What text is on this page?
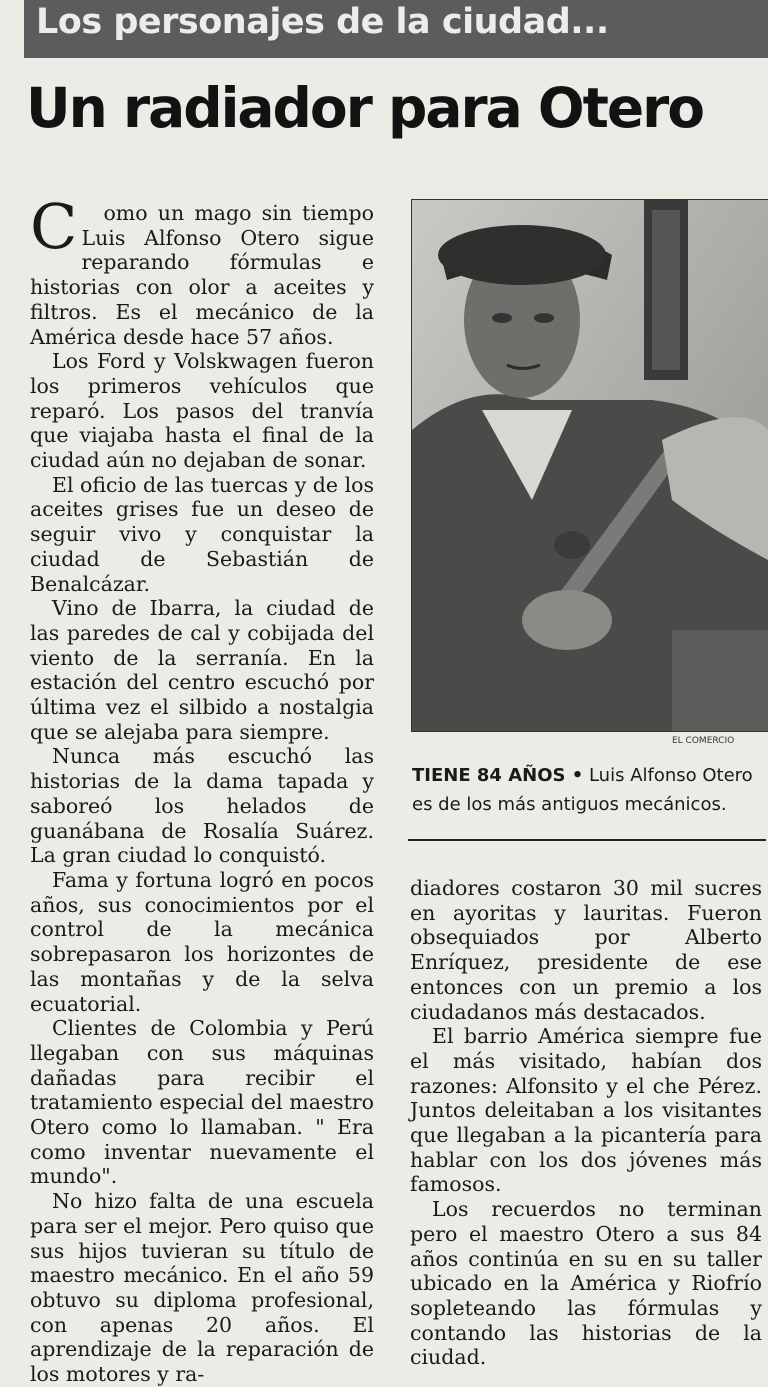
Los personajes de la ciudad...
Un radiador para Otero

C omo un mago sin tiempo Luis Alfonso Otero sigue reparando fórmulas e historias con olor a aceites y filtros. Es el mecánico de la América desde hace 57 años.

Los Ford y Volskwagen fueron los primeros vehículos que reparó. Los pasos del tranvía que viajaba hasta el final de la ciudad aún no dejaban de sonar.

El oficio de las tuercas y de los aceites grises fue un deseo de seguir vivo y conquistar la ciudad de Sebastián de Benalcázar.

Vino de Ibarra, la ciudad de las paredes de cal y cobijada del viento de la serranía. En la estación del centro escuchó por última vez el silbido a nostalgia que se alejaba para siempre.

Nunca más escuchó las historias de la dama tapada y saboreó los helados de guanábana de Rosalía Suárez. La gran ciudad lo conquistó.

Fama y fortuna logró en pocos años, sus conocimientos por el control de la mecánica sobrepasaron los horizontes de las montañas y de la selva ecuatorial.

Clientes de Colombia y Perú llegaban con sus máquinas dañadas para recibir el tratamiento especial del maestro Otero como lo llamaban. " Era como inventar nuevamente el mundo".

No hizo falta de una escuela para ser el mejor. Pero quiso que sus hijos tuvieran su título de maestro mecánico. En el año 59 obtuvo su diploma profesional, con apenas 20 años. El aprendizaje de la reparación de los motores y ra-

EL COMERCIO
TIENE 84 AÑOS • Luis Alfonso Otero es de los más antiguos mecánicos.

diadores costaron 30 mil sucres en ayoritas y lauritas. Fueron obsequiados por Alberto Enríquez, presidente de ese entonces con un premio a los ciudadanos más destacados.

El barrio América siempre fue el más visitado, habían dos razones: Alfonsito y el che Pérez. Juntos deleitaban a los visitantes que llegaban a la picantería para hablar con los dos jóvenes más famosos.

Los recuerdos no terminan pero el maestro Otero a sus 84 años continúa en su en su taller ubicado en la América y Riofrío sopleteando las fórmulas y contando las historias de la ciudad.
